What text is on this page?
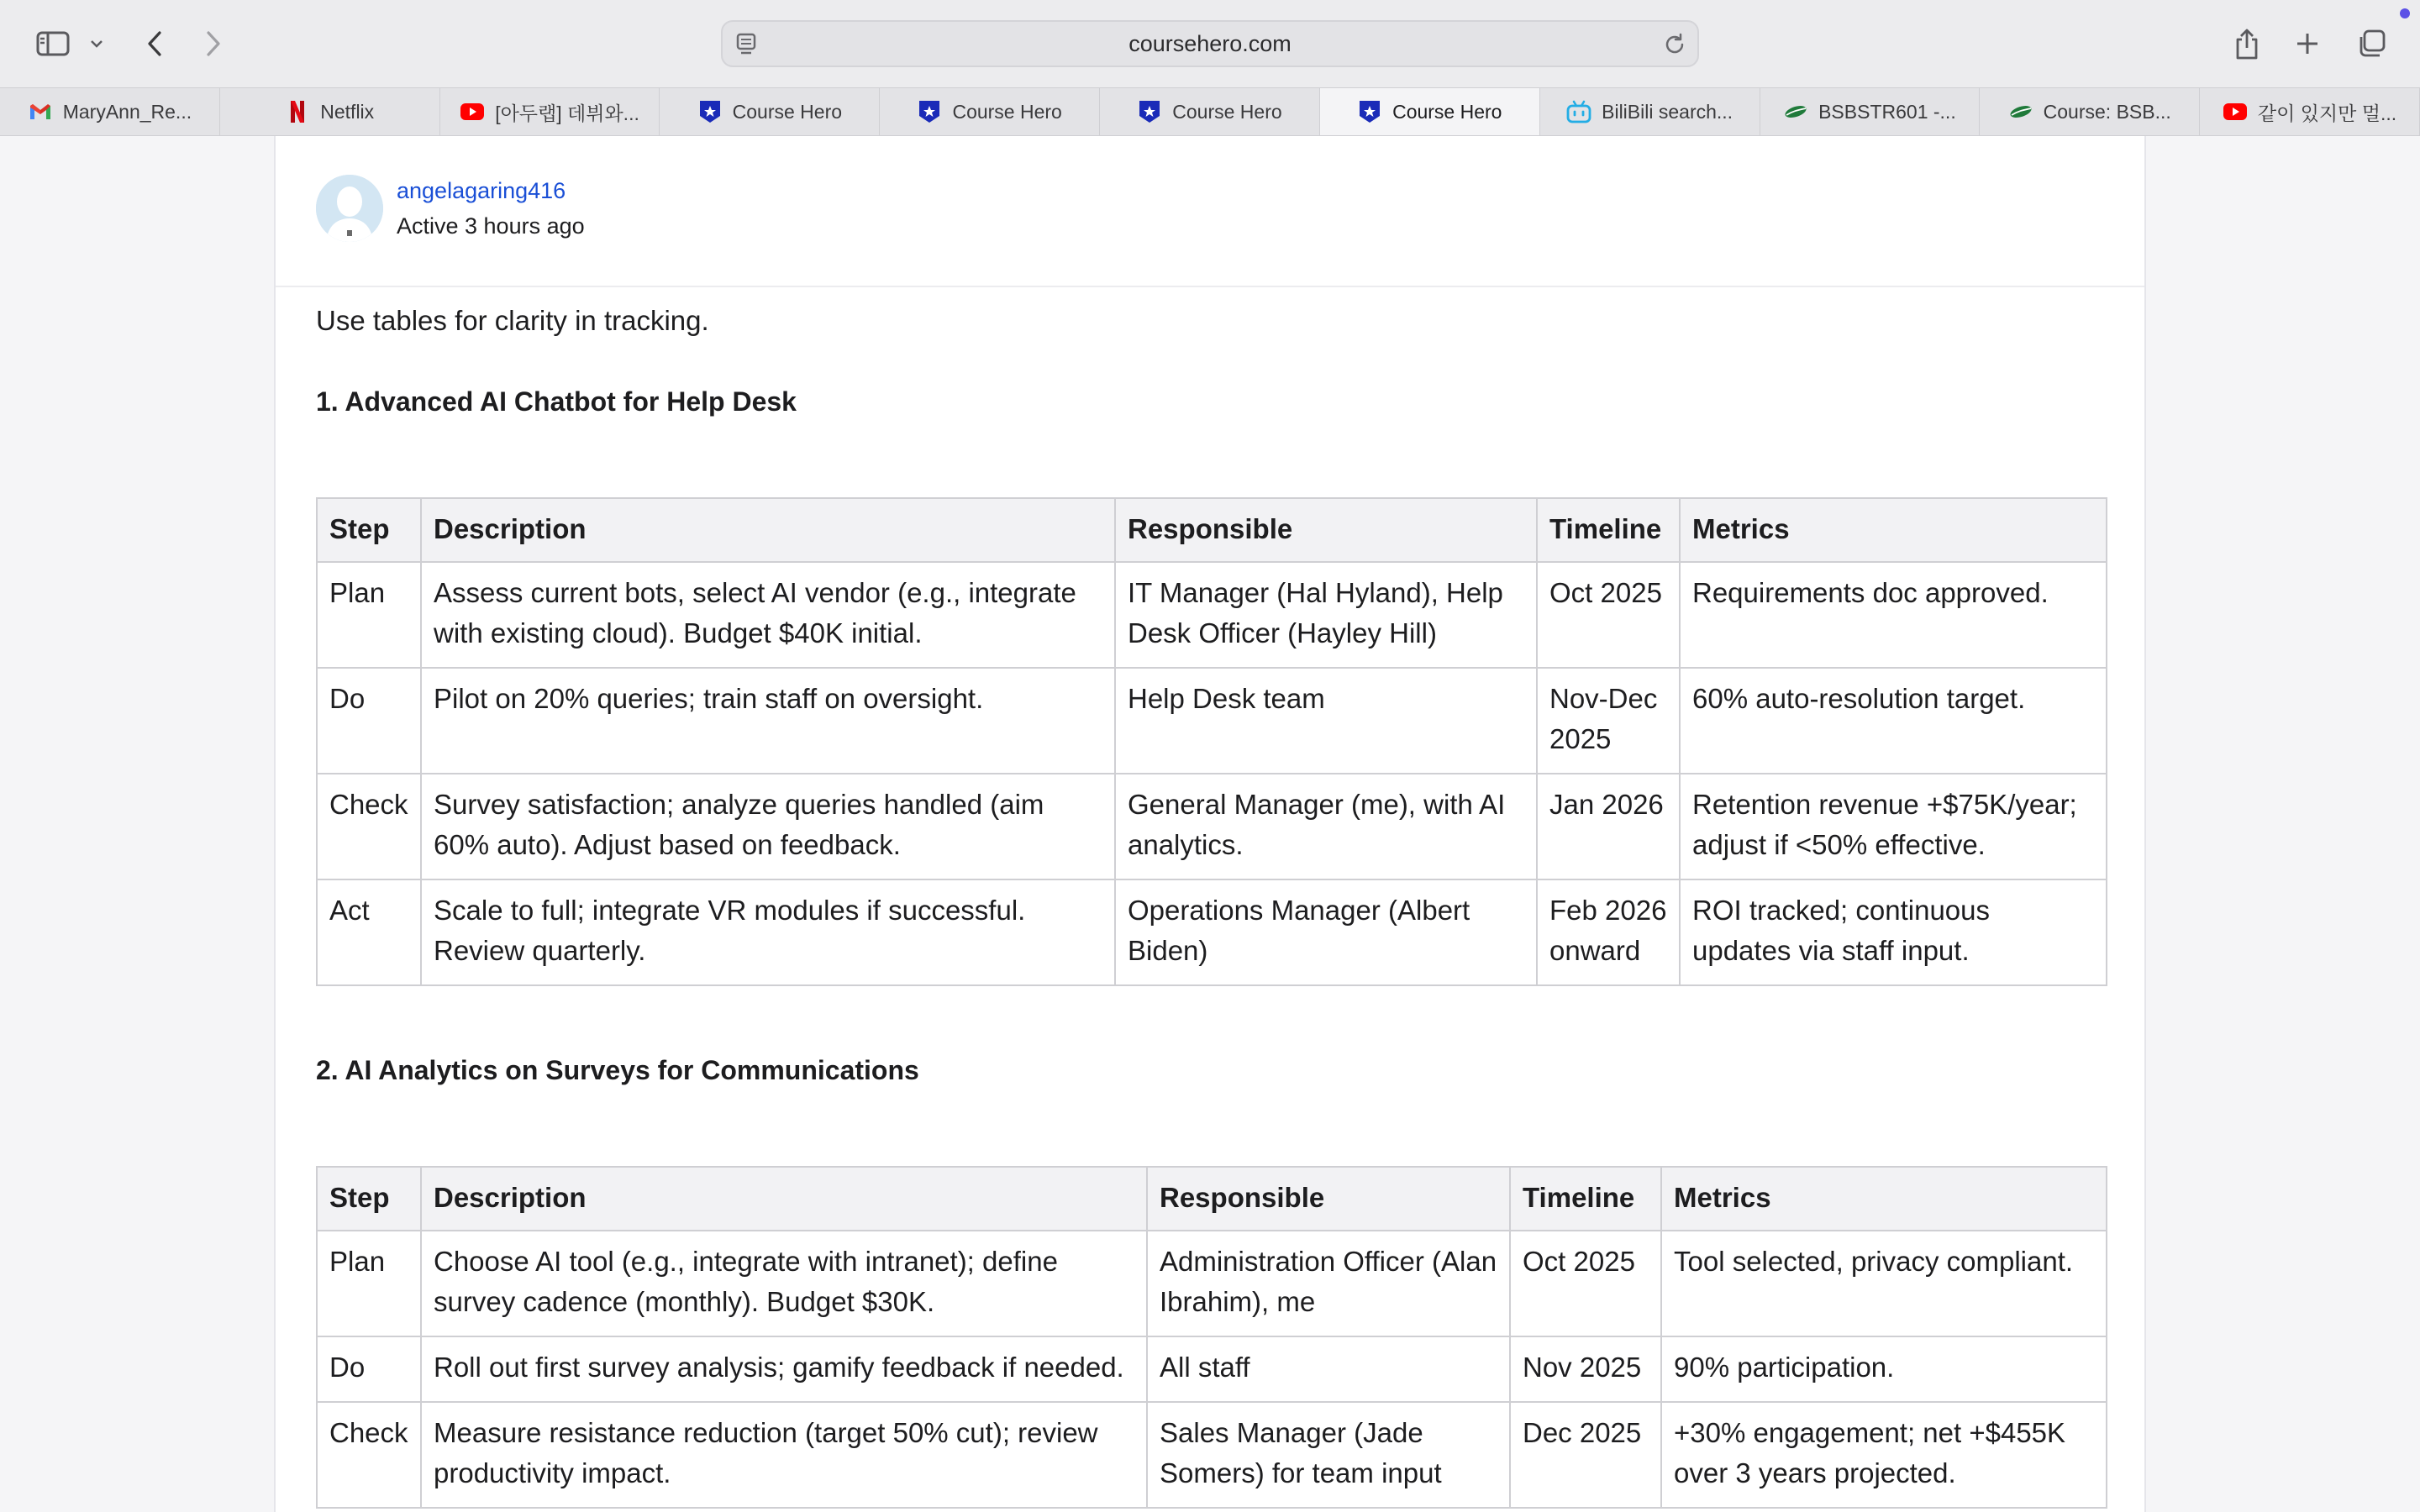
coursehero.com
MaryAnn_Re...	Netflix	[아두랩] 데뷔와...	Course Hero	Course Hero	Course Hero	Course Hero	BiliBili search...	BSBSTR601 -...	Course: BSB...	같이 있지만 멀...
angelagaring416
Active 3 hours ago

Use tables for clarity in tracking.

1. Advanced AI Chatbot for Help Desk
Step	Description	Responsible	Timeline	Metrics
Plan	Assess current bots, select AI vendor (e.g., integrate with existing cloud). Budget $40K initial.	IT Manager (Hal Hyland), Help Desk Officer (Hayley Hill)	Oct 2025	Requirements doc approved.
Do	Pilot on 20% queries; train staff on oversight.	Help Desk team	Nov-Dec 2025	60% auto-resolution target.
Check	Survey satisfaction; analyze queries handled (aim 60% auto). Adjust based on feedback.	General Manager (me), with AI analytics.	Jan 2026	Retention revenue +$75K/year; adjust if <50% effective.
Act	Scale to full; integrate VR modules if successful. Review quarterly.	Operations Manager (Albert Biden)	Feb 2026 onward	ROI tracked; continuous updates via staff input.
2. AI Analytics on Surveys for Communications
Step	Description	Responsible	Timeline	Metrics
Plan	Choose AI tool (e.g., integrate with intranet); define survey cadence (monthly). Budget $30K.	Administration Officer (Alan Ibrahim), me	Oct 2025	Tool selected, privacy compliant.
Do	Roll out first survey analysis; gamify feedback if needed.	All staff	Nov 2025	90% participation.
Check	Measure resistance reduction (target 50% cut); review productivity impact.	Sales Manager (Jade Somers) for team input	Dec 2025	+30% engagement; net +$455K over 3 years projected.
